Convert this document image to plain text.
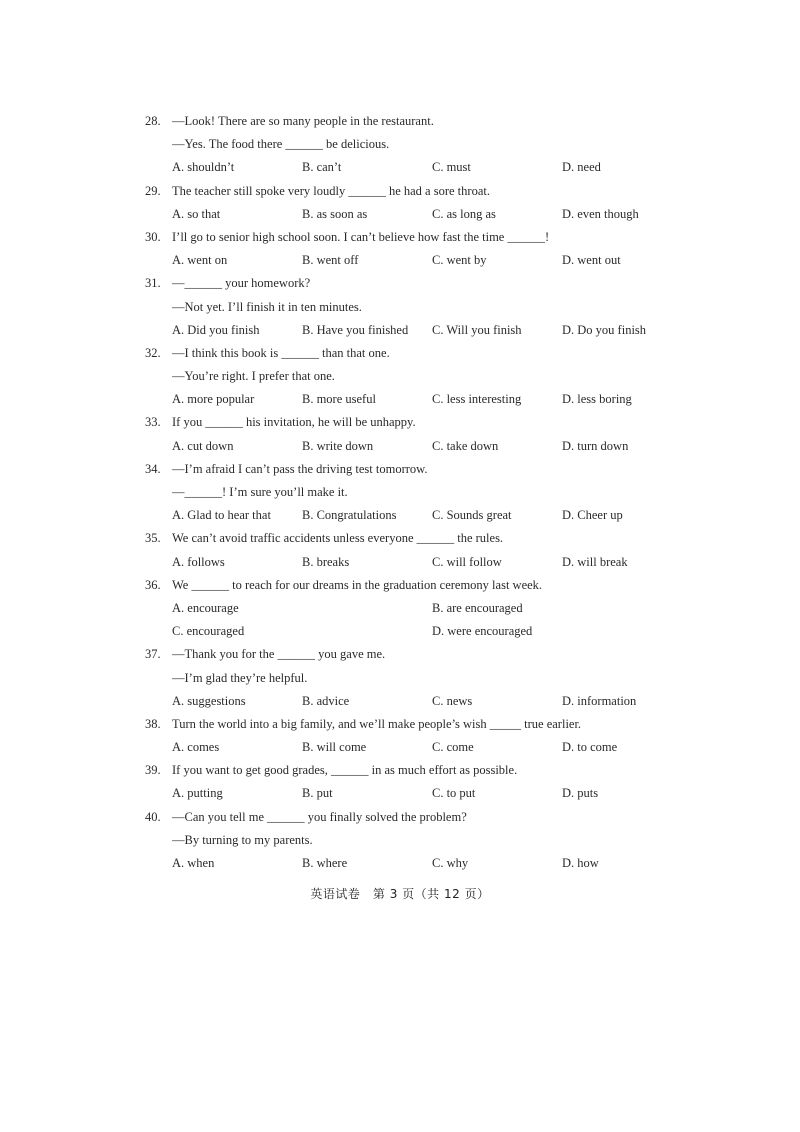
28. —Look! There are so many people in the restaurant.
—Yes. The food there ______ be delicious.
A. shouldn’t	B. can’t	C. must	D. need
29. The teacher still spoke very loudly ______ he had a sore throat.
A. so that	B. as soon as	C. as long as	D. even though
30. I’ll go to senior high school soon. I can’t believe how fast the time ______!
A. went on	B. went off	C. went by	D. went out
31. —______ your homework?
—Not yet. I’ll finish it in ten minutes.
A. Did you finish	B. Have you finished C. Will you finish	D. Do you finish
32. —I think this book is ______ than that one.
—You’re right. I prefer that one.
A. more popular	B. more useful	C. less interesting	D. less boring
33. If you ______ his invitation, he will be unhappy.
A. cut down	B. write down	C. take down	D. turn down
34. —I’m afraid I can’t pass the driving test tomorrow.
—______! I’m sure you’ll make it.
A. Glad to hear that B. Congratulations	C. Sounds great	D. Cheer up
35. We can’t avoid traffic accidents unless everyone ______ the rules.
A. follows	B. breaks	C. will follow	D. will break
36. We ______ to reach for our dreams in the graduation ceremony last week.
A. encourage	B. are encouraged
C. encouraged	D. were encouraged
37. —Thank you for the ______ you gave me.
—I’m glad they’re helpful.
A. suggestions	B. advice	C. news	D. information
38. Turn the world into a big family, and we’ll make people’s wish _____ true earlier.
A. comes	B. will come	C. come	D. to come
39. If you want to get good grades, ______ in as much effort as possible.
A. putting	B. put	C. to put	D. puts
40. —Can you tell me ______ you finally solved the problem?
—By turning to my parents.
A. when	B. where	C. why	D. how
英语试卷　第 3 页（共 12 页）
